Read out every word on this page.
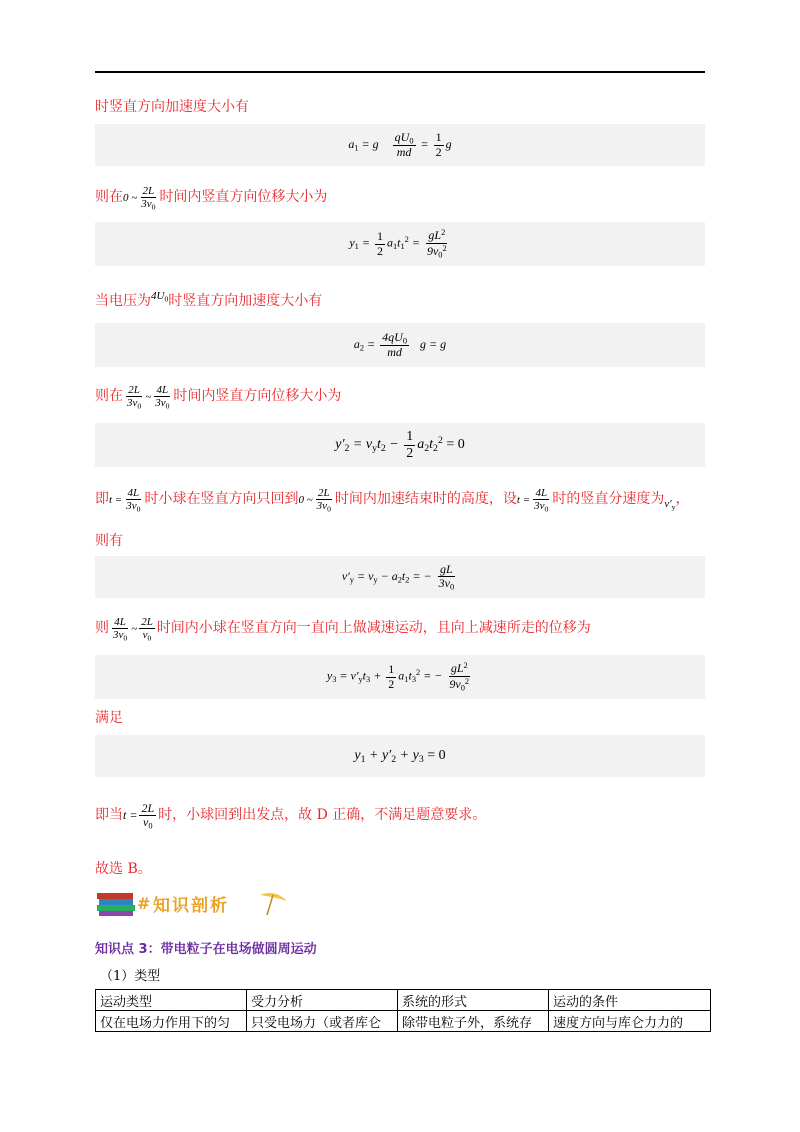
时竖直方向加速度大小有
$a_1 = g \frac{qU_0}{md} = \frac{1}{2}$ g
则在0 ~ $\frac{2L}{3v_0}$ 时间内竖直方向位移大小为
$y_1 = \frac{1}{2} a_1t_1^2 = \frac{gL^2}{9v_0^2}$
当电压为$^{4U_0}$时竖直方向加速度大小有
$a_2 = \frac{4qU_0}{md}$ g = g
则在 $\frac{2L}{3v_0}$ ~ $\frac{4L}{3v_0}$ 时间内竖直方向位移大小为
$y'_2 = v_yt_2 - \frac{1}{2} a_2t_2^2 = 0$
即$t = \frac{4L}{3v_0}$ 时小球在竖直方向只回到0 ~ $\frac{2L}{3v_0}$ 时间内加速结束时的高度，设$t = \frac{4L}{3v_0}$ 时的竖直分速度为$_{v'_y}$，
则有
$v'_y = v_y - a_2t_2$ = − $\frac{gL}{3v_0}$
则 $\frac{4L}{3v_0}$ ~ $\frac{2L}{v_0}$ 时间内小球在竖直方向一直向上做减速运动，且向上减速所走的位移为
$y_3 = v'_yt_3 + \frac{1}{2} a_1t_3^2$ = − $\frac{gL^2}{9v_0^2}$
满足
$y_1 + y'_2 + y_3 = 0$
即当$t = \frac{2L}{v_0}$ 时，小球回到出发点，故 D 正确，不满足题意要求。
故选 B。
# 知识剖析
知识点 3：带电粒子在电场做圆周运动
（1）类型
运动类型	受力分析	系统的形式	运动的条件
仅在电场力作用下的匀	只受电场力（或者库仑	除带电粒子外，系统存	速度方向与库仑力力的
